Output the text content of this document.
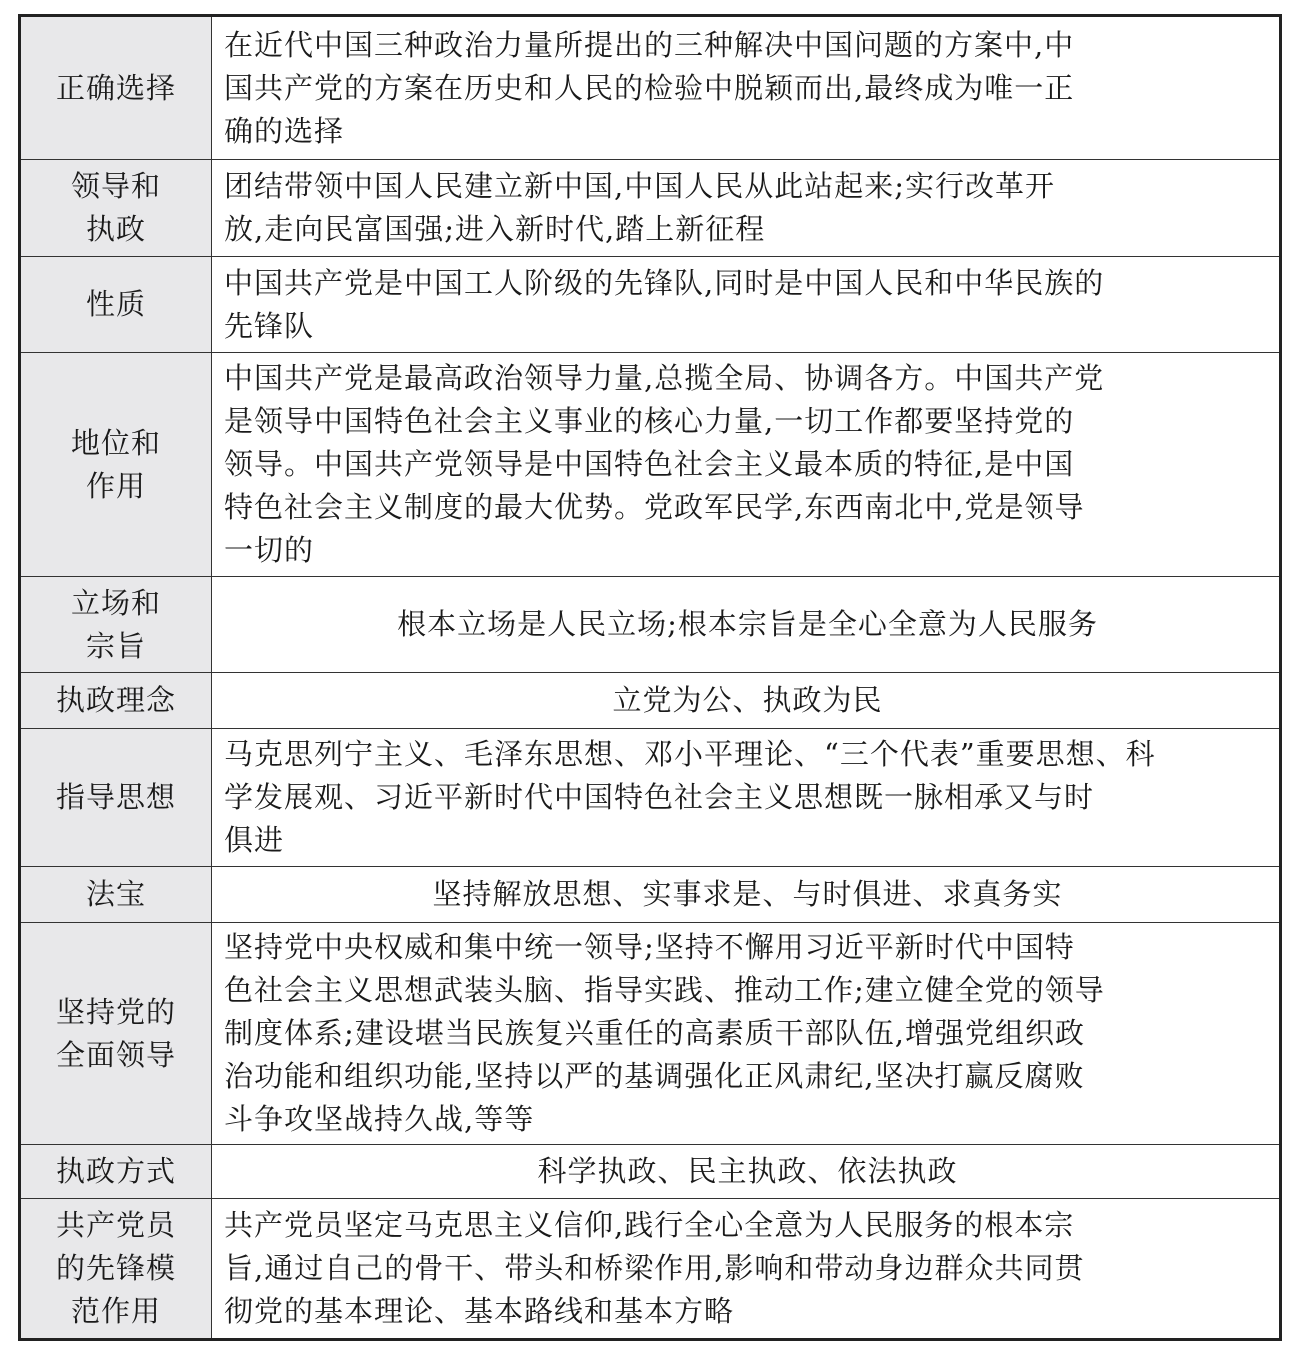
正确选择	在近代中国三种政治力量所提出的三种解决中国问题的方案中,中
国共产党的方案在历史和人民的检验中脱颖而出,最终成为唯一正
确的选择

领导和
执政	团结带领中国人民建立新中国,中国人民从此站起来;实行改革开
放,走向民富国强;进入新时代,踏上新征程

性质	中国共产党是中国工人阶级的先锋队,同时是中国人民和中华民族的
先锋队

地位和
作用	中国共产党是最高政治领导力量,总揽全局、协调各方。中国共产党
是领导中国特色社会主义事业的核心力量,一切工作都要坚持党的
领导。中国共产党领导是中国特色社会主义最本质的特征,是中国
特色社会主义制度的最大优势。党政军民学,东西南北中,党是领导
一切的

立场和
宗旨	根本立场是人民立场;根本宗旨是全心全意为人民服务

执政理念	立党为公、执政为民

指导思想	马克思列宁主义、毛泽东思想、邓小平理论、“三个代表”重要思想、科
学发展观、习近平新时代中国特色社会主义思想既一脉相承又与时
俱进

法宝	坚持解放思想、实事求是、与时俱进、求真务实

坚持党的
全面领导	坚持党中央权威和集中统一领导;坚持不懈用习近平新时代中国特
色社会主义思想武装头脑、指导实践、推动工作;建立健全党的领导
制度体系;建设堪当民族复兴重任的高素质干部队伍,增强党组织政
治功能和组织功能,坚持以严的基调强化正风肃纪,坚决打赢反腐败
斗争攻坚战持久战,等等

执政方式	科学执政、民主执政、依法执政

共产党员
的先锋模
范作用	共产党员坚定马克思主义信仰,践行全心全意为人民服务的根本宗
旨,通过自己的骨干、带头和桥梁作用,影响和带动身边群众共同贯
彻党的基本理论、基本路线和基本方略
